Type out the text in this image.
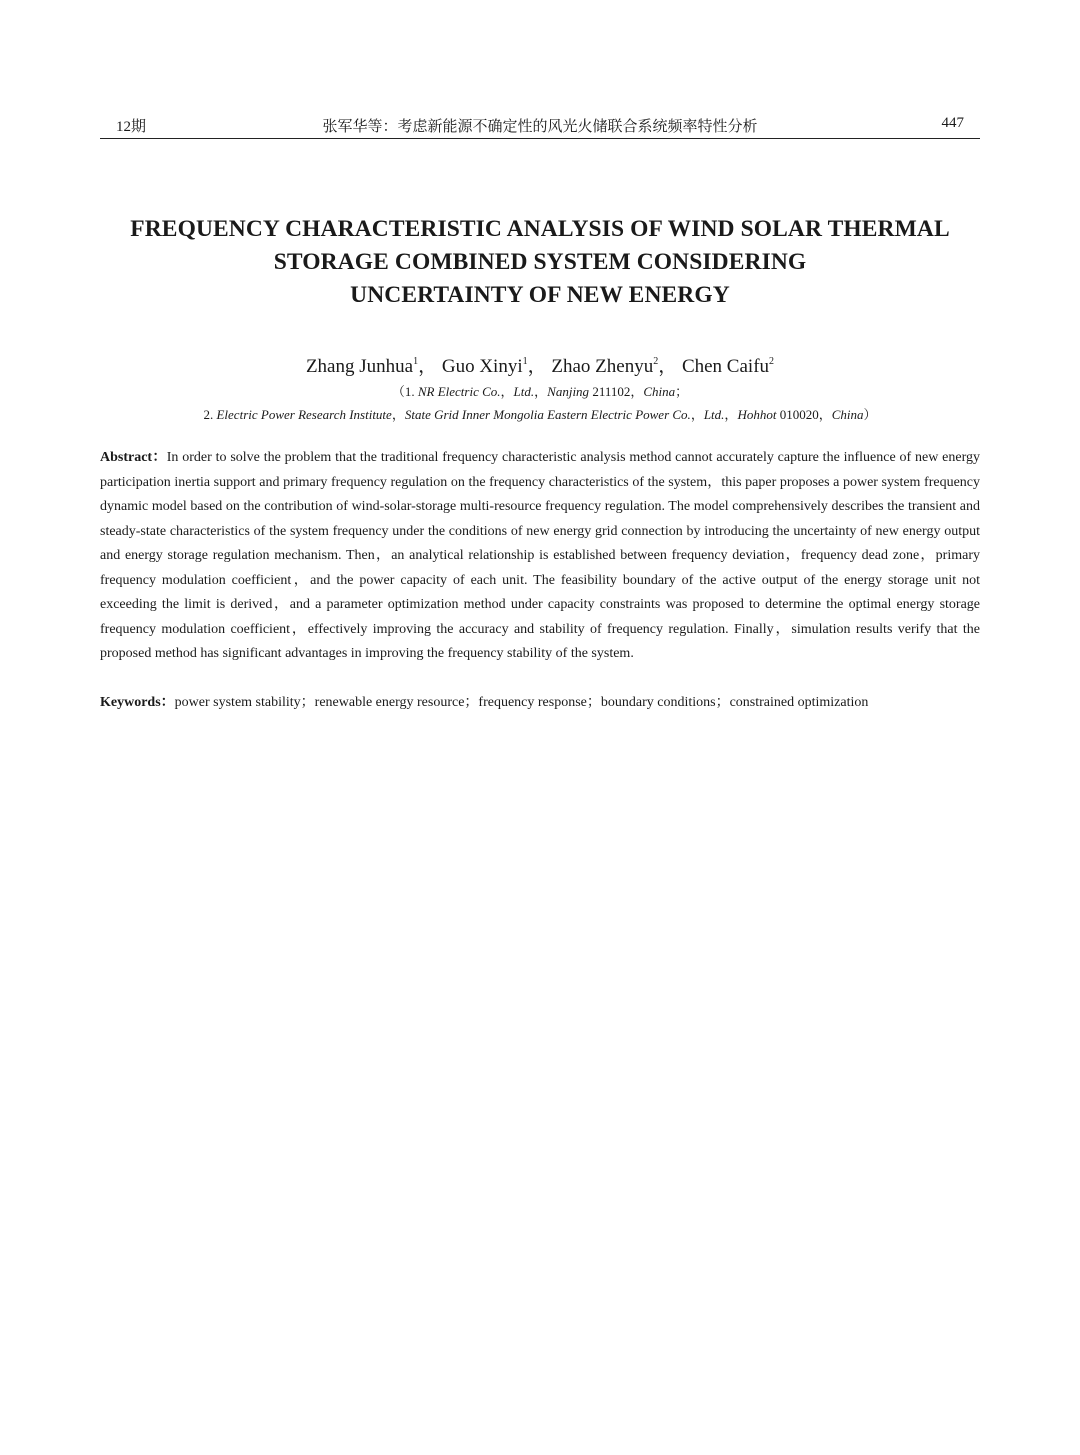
12期	张军华等：考虑新能源不确定性的风光火储联合系统频率特性分析	447
FREQUENCY CHARACTERISTIC ANALYSIS OF WIND SOLAR THERMAL
STORAGE COMBINED SYSTEM CONSIDERING
UNCERTAINTY OF NEW ENERGY
Zhang Junhua$^1$， Guo Xinyi$^1$， Zhao Zhenyu$^2$， Chen Caifu$^2$
（1. NR Electric Co.，Ltd.，Nanjing 211102，China；
2. Electric Power Research Institute，State Grid Inner Mongolia Eastern Electric Power Co.，Ltd.，Hohhot 010020，China）
Abstract：In order to solve the problem that the traditional frequency characteristic analysis method cannot accurately capture the influence of new energy participation inertia support and primary frequency regulation on the frequency characteristics of the system，this paper proposes a power system frequency dynamic model based on the contribution of wind-solar-storage multi-resource frequency regulation. The model comprehensively describes the transient and steady-state characteristics of the system frequency under the conditions of new energy grid connection by introducing the uncertainty of new energy output and energy storage regulation mechanism. Then，an analytical relationship is established between frequency deviation，frequency dead zone，primary frequency modulation coefficient，and the power capacity of each unit. The feasibility boundary of the active output of the energy storage unit not exceeding the limit is derived，and a parameter optimization method under capacity constraints was proposed to determine the optimal energy storage frequency modulation coefficient，effectively improving the accuracy and stability of frequency regulation. Finally，simulation results verify that the proposed method has significant advantages in improving the frequency stability of the system.
Keywords：power system stability；renewable energy resource；frequency response；boundary conditions；constrained optimization
